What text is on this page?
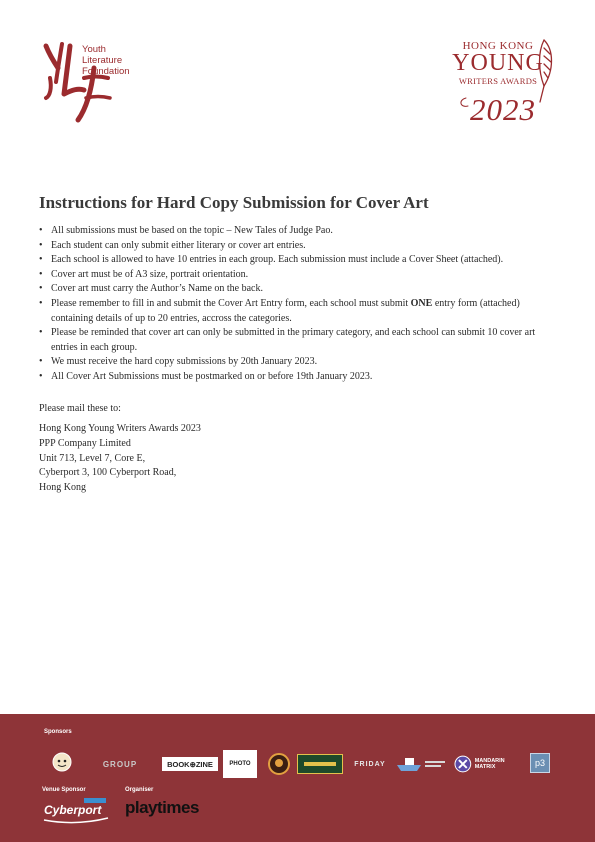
Youth
Literature
Foundation
HONG KONG
YOUNG
WRITERS AWARDS
2023
Instructions for Hard Copy Submission for Cover Art
• All submissions must be based on the topic – New Tales of Judge Pao.
• Each student can only submit either literary or cover art entries.
• Each school is allowed to have 10 entries in each group. Each submission must include a Cover Sheet (attached).
• Cover art must be of A3 size, portrait orientation.
• Cover art must carry the Author’s Name on the back.
• Please remember to fill in and submit the Cover Art Entry form, each school must submit ONE entry form (attached) containing details of up to 20 entries, accross the categories.
• Please be reminded that cover art can only be submitted in the primary category, and each school can submit 10 cover art entries in each group.
• We must receive the hard copy submissions by 20th January 2023.
• All Cover Art Submissions must be postmarked on or before 19th January 2023.
Please mail these to:
Hong Kong Young Writers Awards 2023
PPP Company Limited
Unit 713, Level 7, Core E,
Cyberport 3, 100 Cyberport Road,
Hong Kong
Sponsors
GROUP	BOOK⊕ZINE	PHOTO	FRIDAY	MANDARIN MATRIX	p3
Venue Sponsor	Organiser
Cyberport playtimes
